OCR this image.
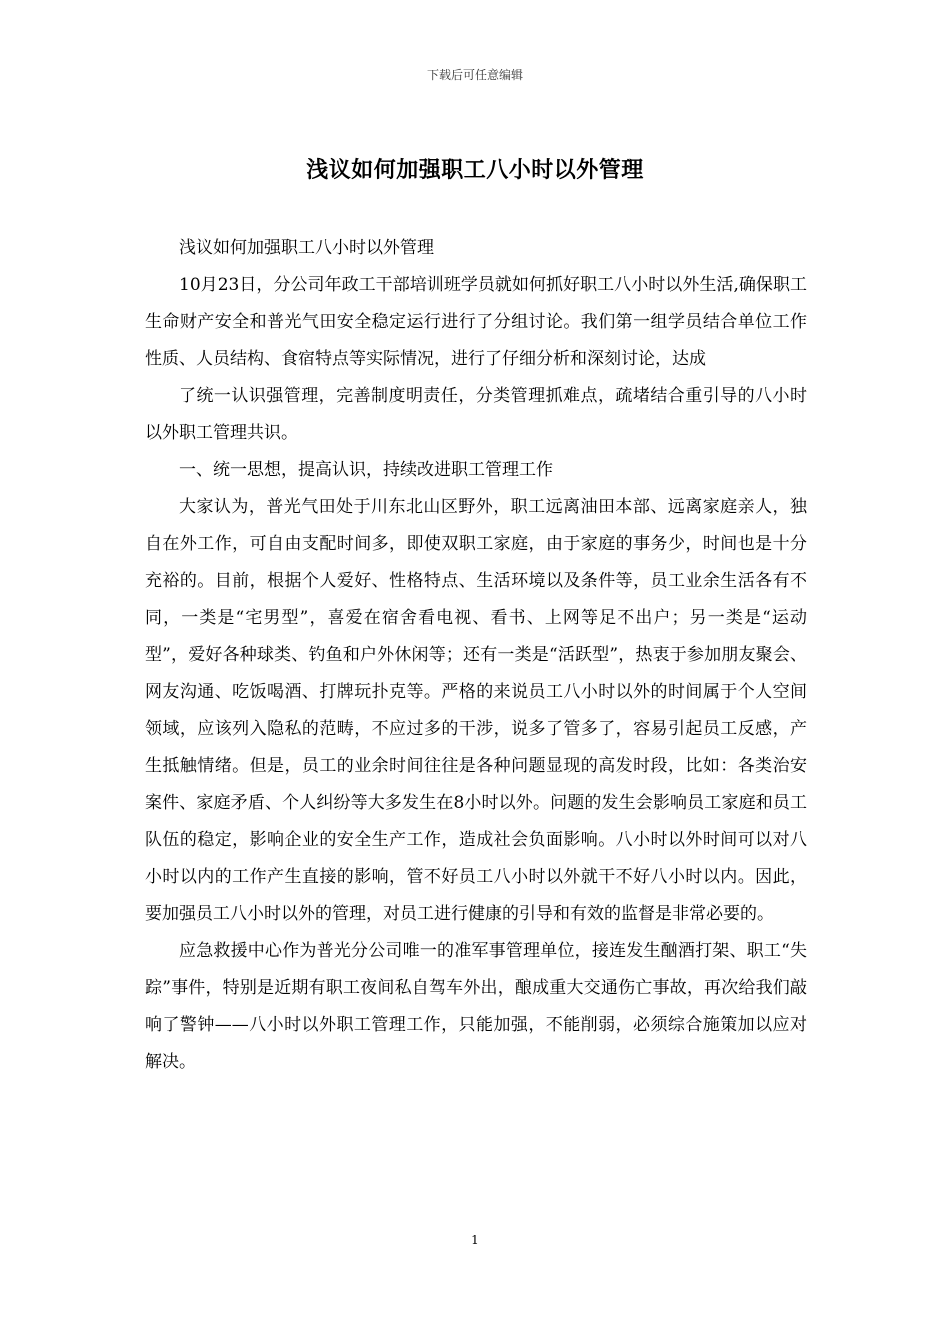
下载后可任意编辑
浅议如何加强职工八小时以外管理

浅议如何加强职工八小时以外管理

10月23日，分公司年政工干部培训班学员就如何抓好职工八小时以外生活,确保职工生命财产安全和普光气田安全稳定运行进行了分组讨论。我们第一组学员结合单位工作性质、人员结构、食宿特点等实际情况，进行了仔细分析和深刻讨论，达成

了统一认识强管理，完善制度明责任，分类管理抓难点，疏堵结合重引导的八小时以外职工管理共识。

一、统一思想，提高认识，持续改进职工管理工作

大家认为，普光气田处于川东北山区野外，职工远离油田本部、远离家庭亲人，独自在外工作，可自由支配时间多，即使双职工家庭，由于家庭的事务少，时间也是十分充裕的。目前，根据个人爱好、性格特点、生活环境以及条件等，员工业余生活各有不同，一类是“宅男型”，喜爱在宿舍看电视、看书、上网等足不出户；另一类是“运动型”，爱好各种球类、钓鱼和户外休闲等；还有一类是“活跃型”，热衷于参加朋友聚会、网友沟通、吃饭喝酒、打牌玩扑克等。严格的来说员工八小时以外的时间属于个人空间领域，应该列入隐私的范畴，不应过多的干涉，说多了管多了，容易引起员工反感，产生抵触情绪。但是，员工的业余时间往往是各种问题显现的高发时段，比如：各类治安案件、家庭矛盾、个人纠纷等大多发生在8小时以外。问题的发生会影响员工家庭和员工队伍的稳定，影响企业的安全生产工作，造成社会负面影响。八小时以外时间可以对八小时以内的工作产生直接的影响，管不好员工八小时以外就干不好八小时以内。因此，要加强员工八小时以外的管理，对员工进行健康的引导和有效的监督是非常必要的。

应急救援中心作为普光分公司唯一的准军事管理单位，接连发生酗酒打架、职工“失踪”事件，特别是近期有职工夜间私自驾车外出，酿成重大交通伤亡事故，再次给我们敲响了警钟——八小时以外职工管理工作，只能加强，不能削弱，必须综合施策加以应对解决。

1
